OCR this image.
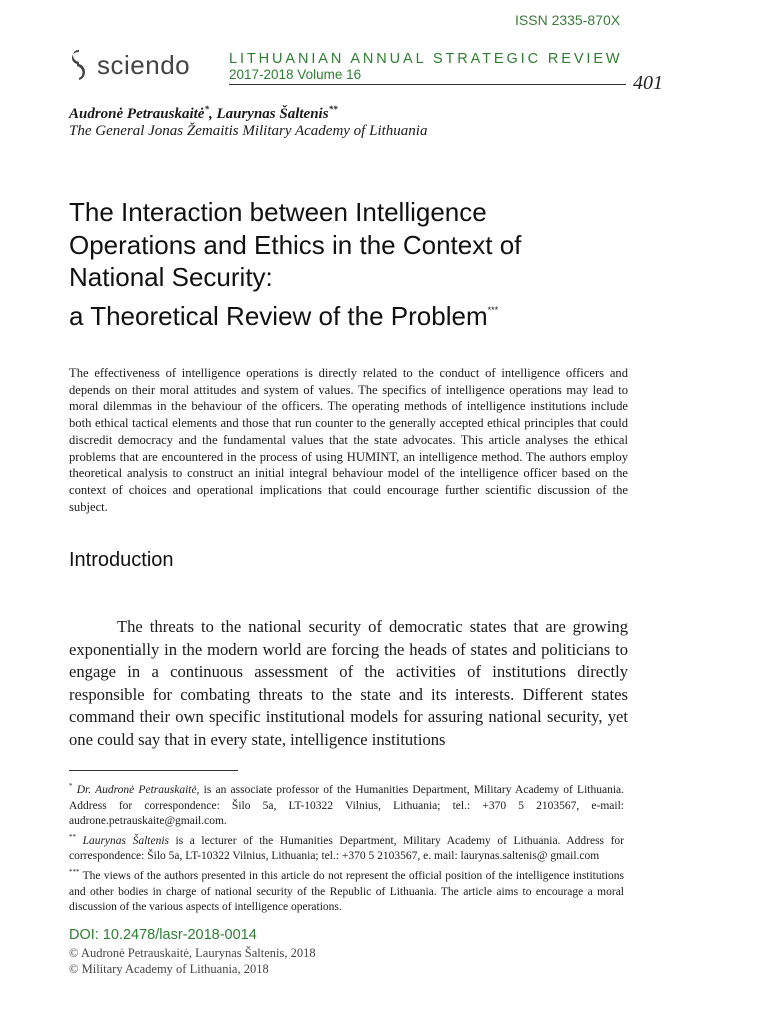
ISSN 2335-870X
sciendo	LITHUANIAN ANNUAL STRATEGIC REVIEW
2017-2018 Volume 16	401
Audronė Petrauskaitė*, Laurynas Šaltenis**
The General Jonas Žemaitis Military Academy of Lithuania
The Interaction between Intelligence
Operations and Ethics in the Context of
National Security:
a Theoretical Review of the Problem***
The effectiveness of intelligence operations is directly related to the conduct of intelligence officers and depends on their moral attitudes and system of values. The specifics of intelligence operations may lead to moral dilemmas in the behaviour of the officers. The operating methods of intelligence institutions include both ethical tactical elements and those that run counter to the generally accepted ethical principles that could discredit democracy and the fundamental values that the state advocates. This article analyses the ethical problems that are encountered in the process of using HUMINT, an intelligence method. The authors employ theoretical analysis to construct an initial integral behaviour model of the intelligence officer based on the context of choices and operational implications that could encourage further scientific discussion of the subject.
Introduction
The threats to the national security of democratic states that are growing exponentially in the modern world are forcing the heads of states and politicians to engage in a continuous assessment of the activities of institutions directly responsible for combating threats to the state and its interests. Different states command their own specific institutional models for assuring national security, yet one could say that in every state, intelligence institutions

* Dr. Audronė Petrauskaitė, is an associate professor of the Humanities Department, Military Academy of Lithuania. Address for correspondence: Šilo 5a, LT-10322 Vilnius, Lithuania; tel.: +370 5 2103567, e-mail: audrone.petrauskaite@gmail.com.

** Laurynas Šaltenis is a lecturer of the Humanities Department, Military Academy of Lithuania. Address for correspondence: Šilo 5a, LT-10322 Vilnius, Lithuania; tel.: +370 5 2103567, e. mail: laurynas.saltenis@ gmail.com

*** The views of the authors presented in this article do not represent the official position of the intelligence institutions and other bodies in charge of national security of the Republic of Lithuania. The article aims to encourage a moral discussion of the various aspects of intelligence operations.

DOI: 10.2478/lasr-2018-0014
© Audronė Petrauskaitė, Laurynas Šaltenis, 2018
© Military Academy of Lithuania, 2018
